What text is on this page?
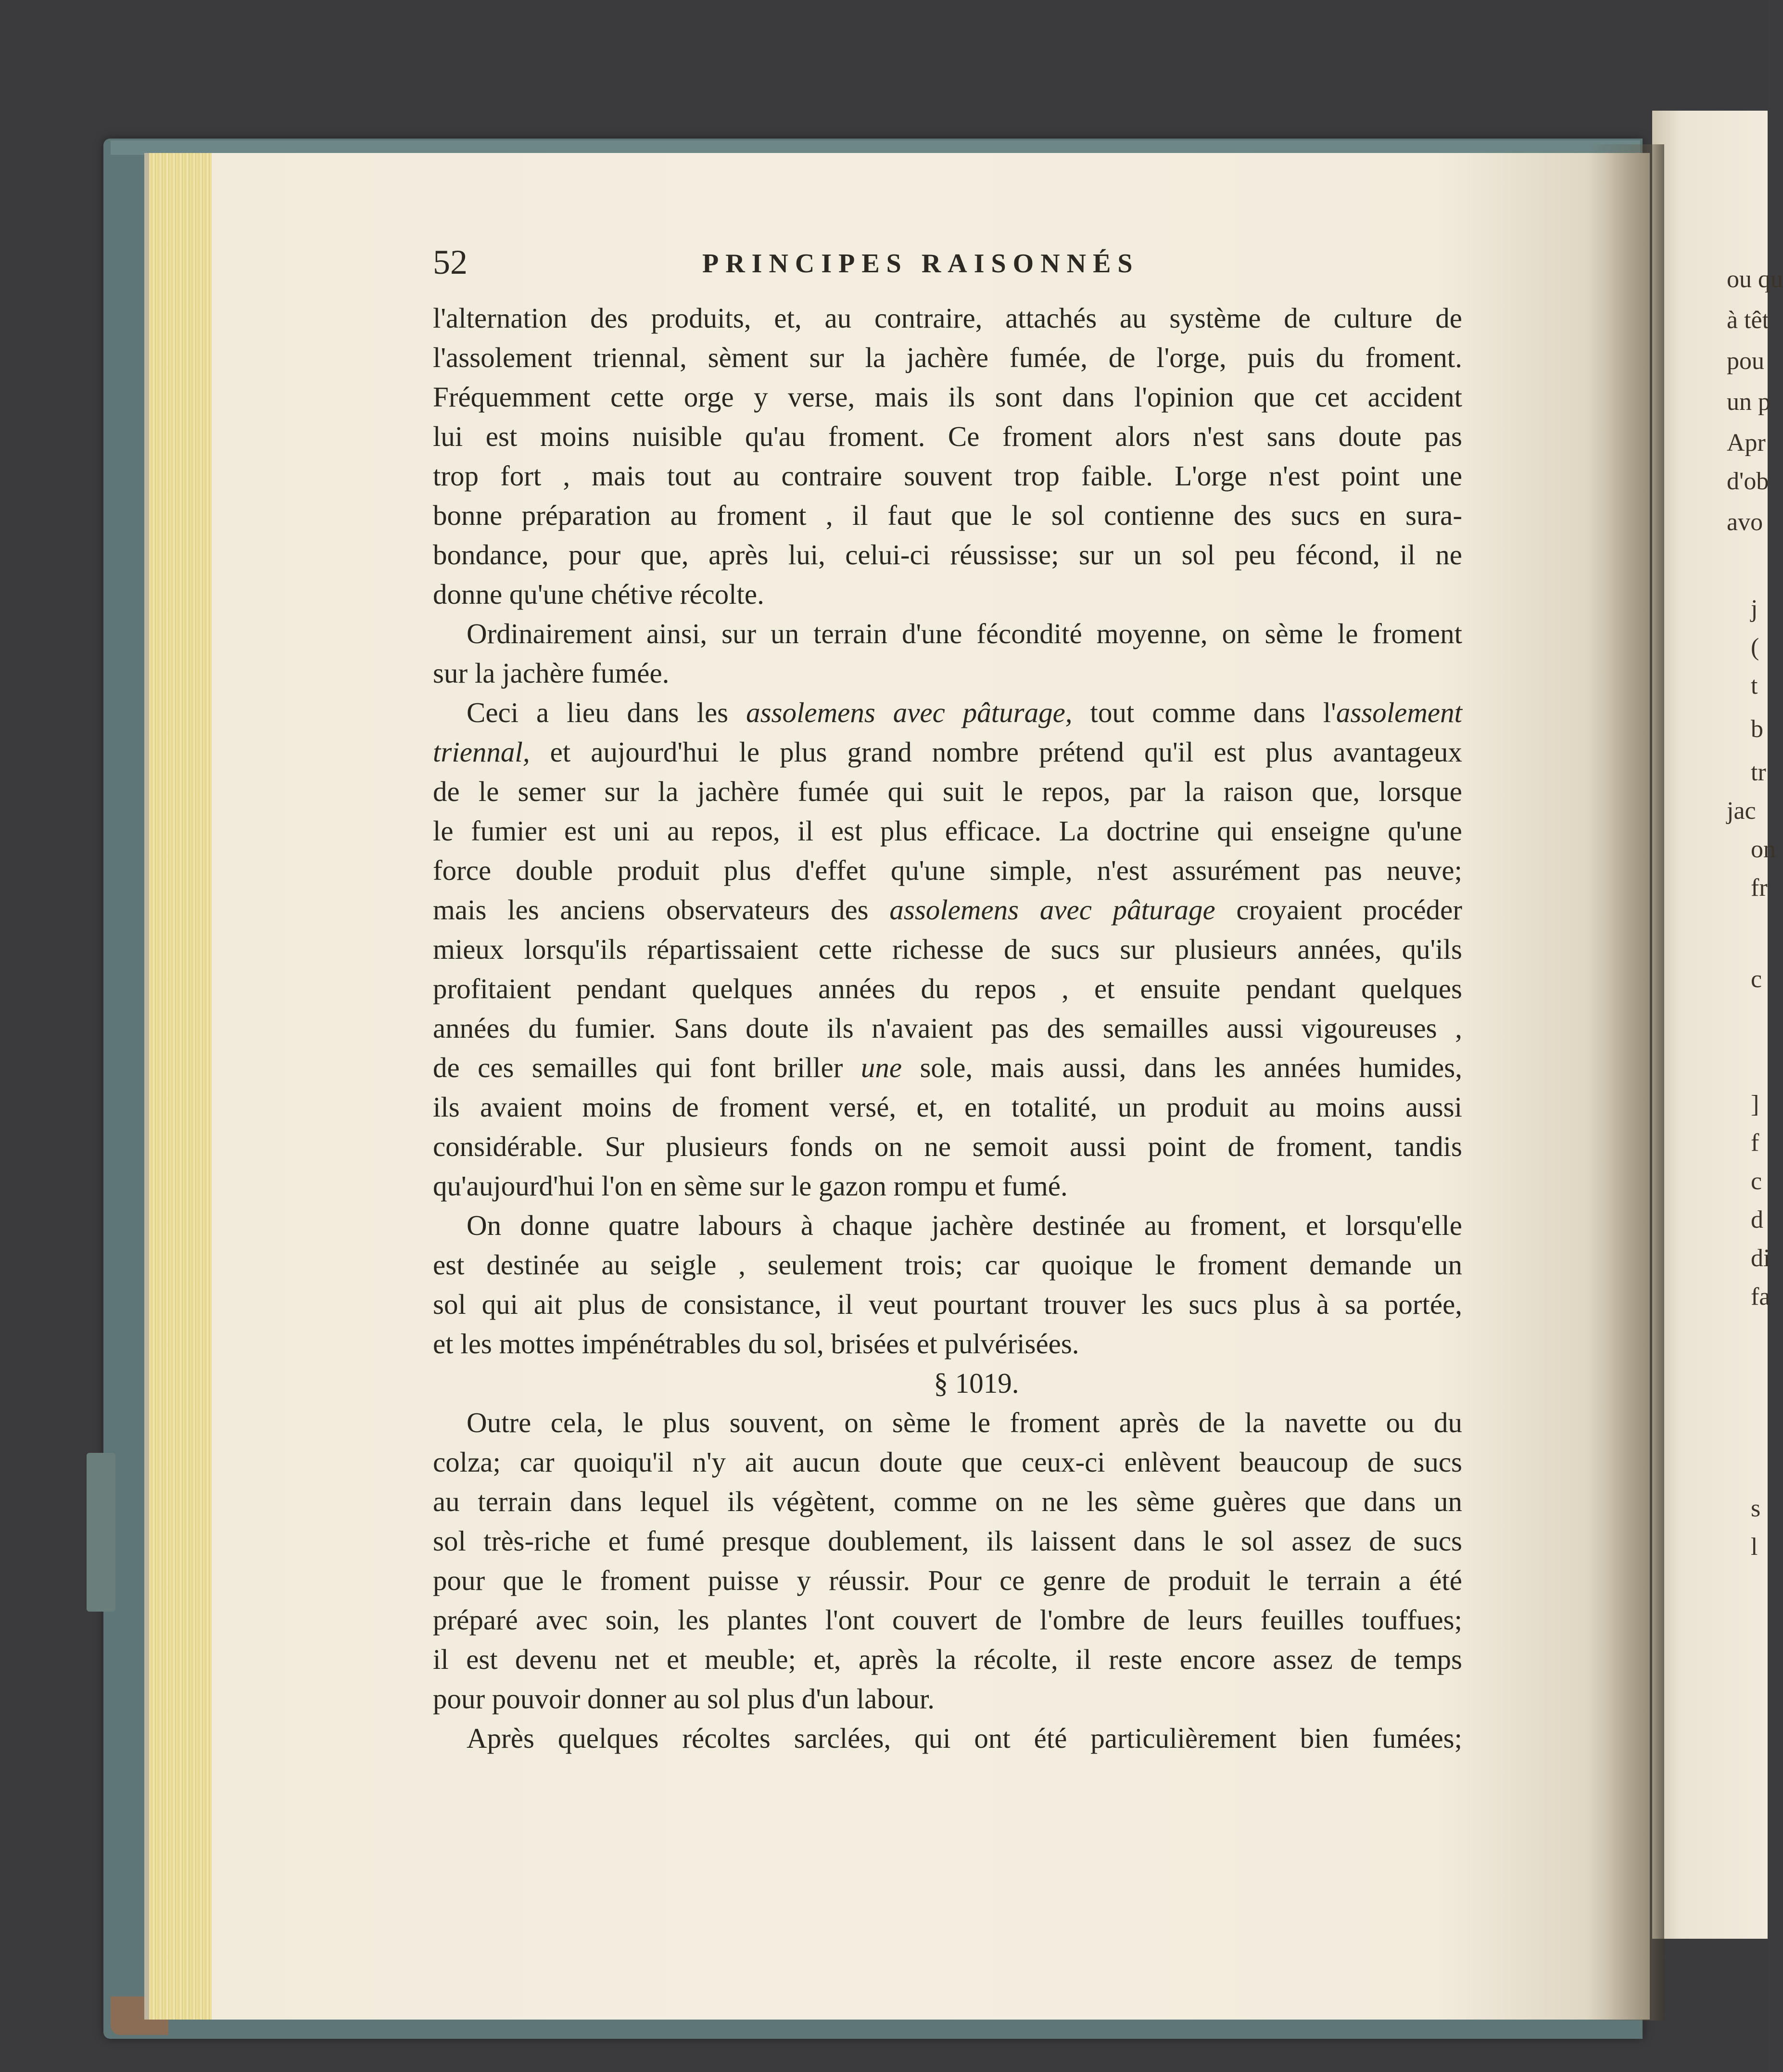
ou qu
à têt
pou
un p
Apr
d'ob
avo
j
(
t
b
tr
jac
on
fr
c
]
f
c
d
di
fa
s
l
52	PRINCIPES RAISONNÉS
l'alternation des produits, et, au contraire, attachés au système de culture de
l'assolement triennal, sèment sur la jachère fumée, de l'orge, puis du froment.
Fréquemment cette orge y verse, mais ils sont dans l'opinion que cet accident
lui est moins nuisible qu'au froment. Ce froment alors n'est sans doute pas
trop fort , mais tout au contraire souvent trop faible. L'orge n'est point une
bonne préparation au froment , il faut que le sol contienne des sucs en sura-
bondance, pour que, après lui, celui-ci réussisse; sur un sol peu fécond, il ne
donne qu'une chétive récolte.
Ordinairement ainsi, sur un terrain d'une fécondité moyenne, on sème le froment
sur la jachère fumée.
Ceci a lieu dans les assolemens avec pâturage, tout comme dans l'assolement
triennal, et aujourd'hui le plus grand nombre prétend qu'il est plus avantageux
de le semer sur la jachère fumée qui suit le repos, par la raison que, lorsque
le fumier est uni au repos, il est plus efficace. La doctrine qui enseigne qu'une
force double produit plus d'effet qu'une simple, n'est assurément pas neuve;
mais les anciens observateurs des assolemens avec pâturage croyaient procéder
mieux lorsqu'ils répartissaient cette richesse de sucs sur plusieurs années, qu'ils
profitaient pendant quelques années du repos , et ensuite pendant quelques
années du fumier. Sans doute ils n'avaient pas des semailles aussi vigoureuses ,
de ces semailles qui font briller une sole, mais aussi, dans les années humides,
ils avaient moins de froment versé, et, en totalité, un produit au moins aussi
considérable. Sur plusieurs fonds on ne semoit aussi point de froment, tandis
qu'aujourd'hui l'on en sème sur le gazon rompu et fumé.
On donne quatre labours à chaque jachère destinée au froment, et lorsqu'elle
est destinée au seigle , seulement trois; car quoique le froment demande un
sol qui ait plus de consistance, il veut pourtant trouver les sucs plus à sa portée,
et les mottes impénétrables du sol, brisées et pulvérisées.
§ 1019.
Outre cela, le plus souvent, on sème le froment après de la navette ou du
colza; car quoiqu'il n'y ait aucun doute que ceux-ci enlèvent beaucoup de sucs
au terrain dans lequel ils végètent, comme on ne les sème guères que dans un
sol très-riche et fumé presque doublement, ils laissent dans le sol assez de sucs
pour que le froment puisse y réussir. Pour ce genre de produit le terrain a été
préparé avec soin, les plantes l'ont couvert de l'ombre de leurs feuilles touffues;
il est devenu net et meuble; et, après la récolte, il reste encore assez de temps
pour pouvoir donner au sol plus d'un labour.
Après quelques récoltes sarclées, qui ont été particulièrement bien fumées;
